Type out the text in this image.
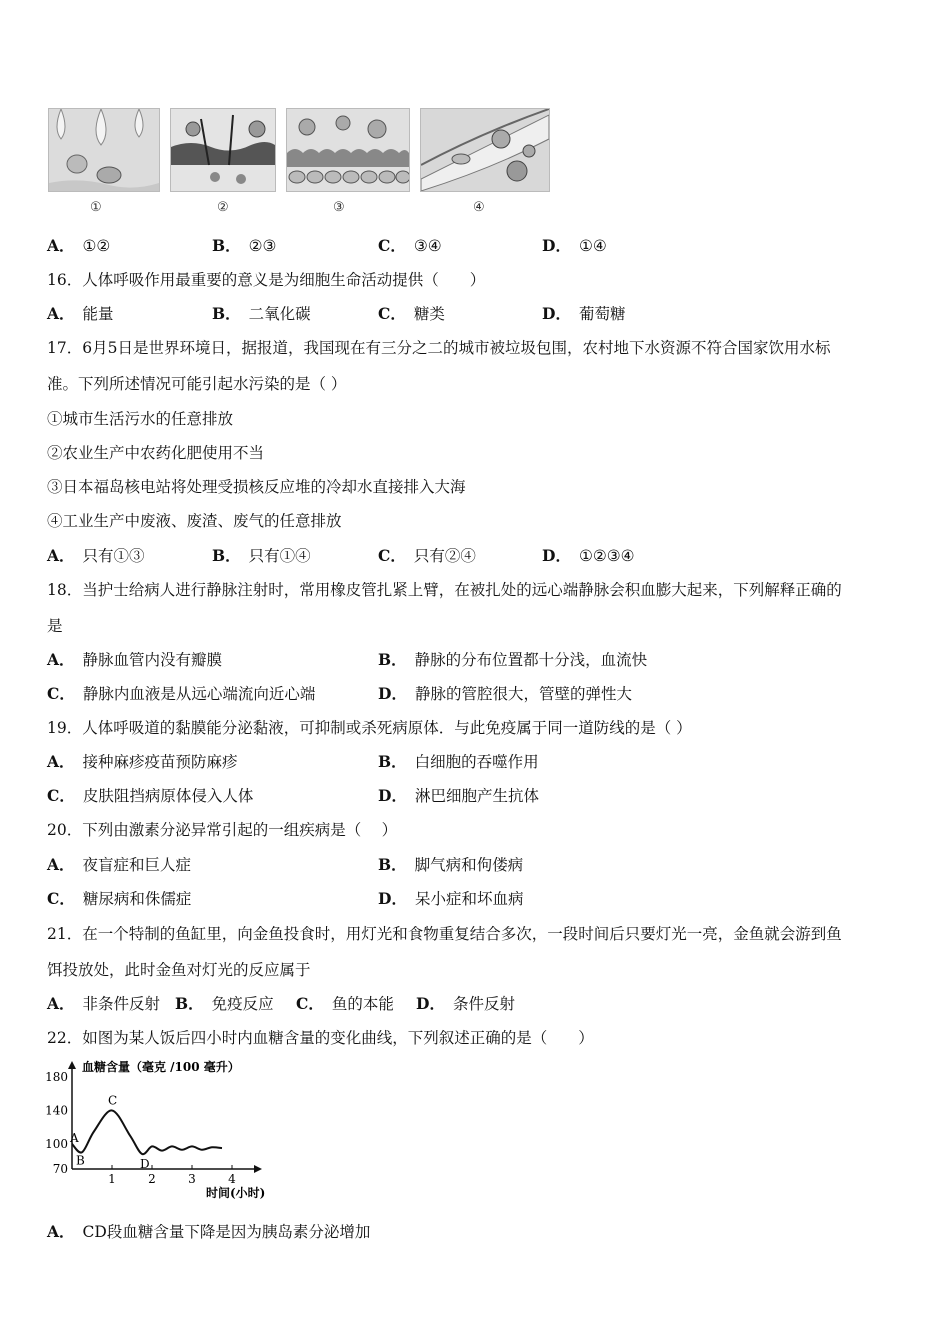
①	②	③	④
A． ①②	B． ②③	C． ③④	D． ①④
16．人体呼吸作用最重要的意义是为细胞生命活动提供（　　）
A． 能量	B． 二氧化碳	C． 糖类	D． 葡萄糖
17．6月5日是世界环境日，据报道，我国现在有三分之二的城市被垃圾包围，农村地下水资源不符合国家饮用水标
准。下列所述情况可能引起水污染的是（ ）
①城市生活污水的任意排放
②农业生产中农药化肥使用不当
③日本福岛核电站将处理受损核反应堆的冷却水直接排入大海
④工业生产中废液、废渣、废气的任意排放
A． 只有①③	B． 只有①④	C． 只有②④	D． ①②③④
18．当护士给病人进行静脉注射时，常用橡皮管扎紧上臂，在被扎处的远心端静脉会积血膨大起来，下列解释正确的
是
A． 静脉血管内没有瓣膜	B． 静脉的分布位置都十分浅，血流快
C． 静脉内血液是从远心端流向近心端	D． 静脉的管腔很大，管壁的弹性大
19．人体呼吸道的黏膜能分泌黏液，可抑制或杀死病原体．与此免疫属于同一道防线的是（ ）
A． 接种麻疹疫苗预防麻疹	B． 白细胞的吞噬作用
C． 皮肤阻挡病原体侵入人体	D． 淋巴细胞产生抗体
20．下列由激素分泌异常引起的一组疾病是（　 ）
A． 夜盲症和巨人症	B． 脚气病和佝偻病
C． 糖尿病和侏儒症	D． 呆小症和坏血病
21．在一个特制的鱼缸里，向金鱼投食时，用灯光和食物重复结合多次，一段时间后只要灯光一亮，金鱼就会游到鱼
饵投放处，此时金鱼对灯光的反应属于
A． 非条件反射 B． 免疫反应 C． 鱼的本能 D． 条件反射
22．如图为某人饭后四小时内血糖含量的变化曲线，下列叙述正确的是（　　）
血糖含量（毫克 /100 毫升）
时间(小时)
180
140
100
70
1	2	3	4
A
B
C
D
A． CD段血糖含量下降是因为胰岛素分泌增加
